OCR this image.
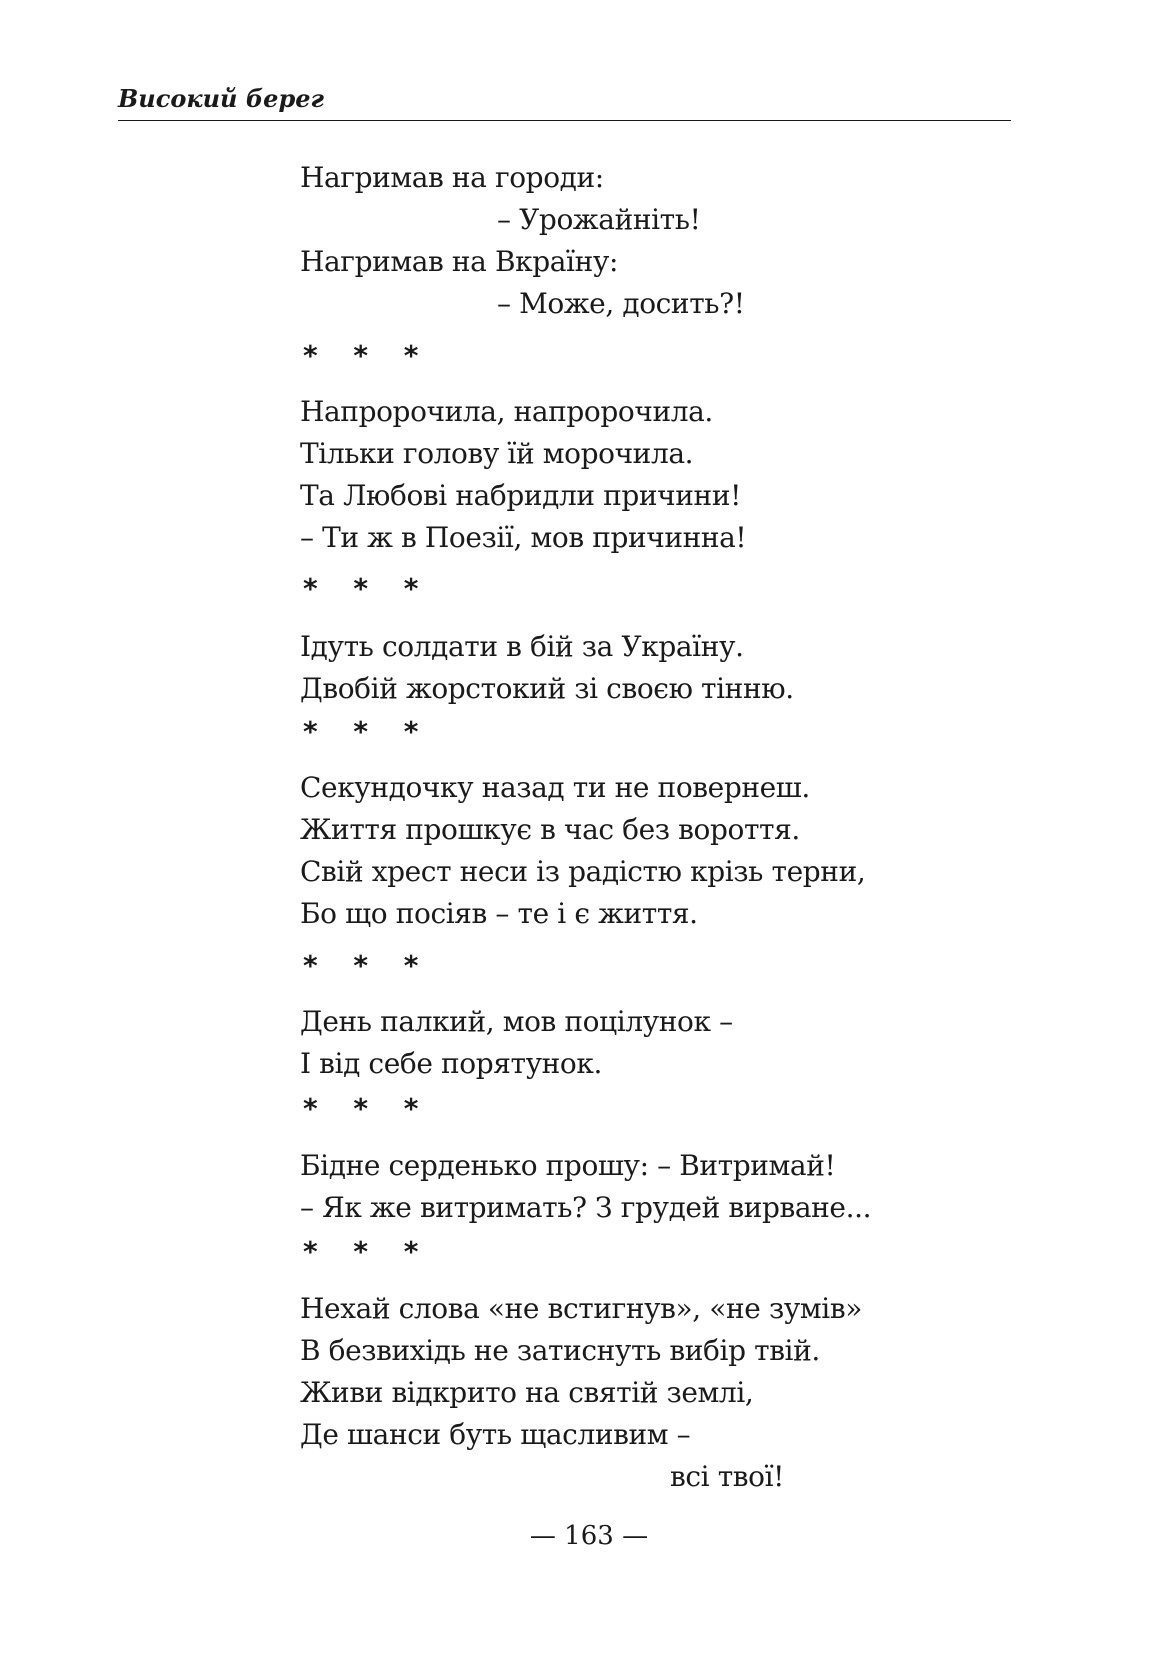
Високий берег
Нагримав на городи:
– Урожайніть!
Нагримав на Вкраїну:
– Може, досить?!
* * *
Напророчила, напророчила.
Тільки голову їй морочила.
Та Любові набридли причини!
– Ти ж в Поезії, мов причинна!
* * *
Ідуть солдати в бій за Україну.
Двобій жорстокий зі своєю тінню.
* * *
Секундочку назад ти не повернеш.
Життя прошкує в час без вороття.
Свій хрест неси із радістю крізь терни,
Бо що посіяв – те і є життя.
* * *
День палкий, мов поцілунок –
І від себе порятунок.
* * *
Бідне серденько прошу: – Витримай!
– Як же витримать? З грудей вирване...
* * *
Нехай слова «не встигнув», «не зумів»
В безвихідь не затиснуть вибір твій.
Живи відкрито на святій землі,
Де шанси буть щасливим –
всі твої!
— 163 —
